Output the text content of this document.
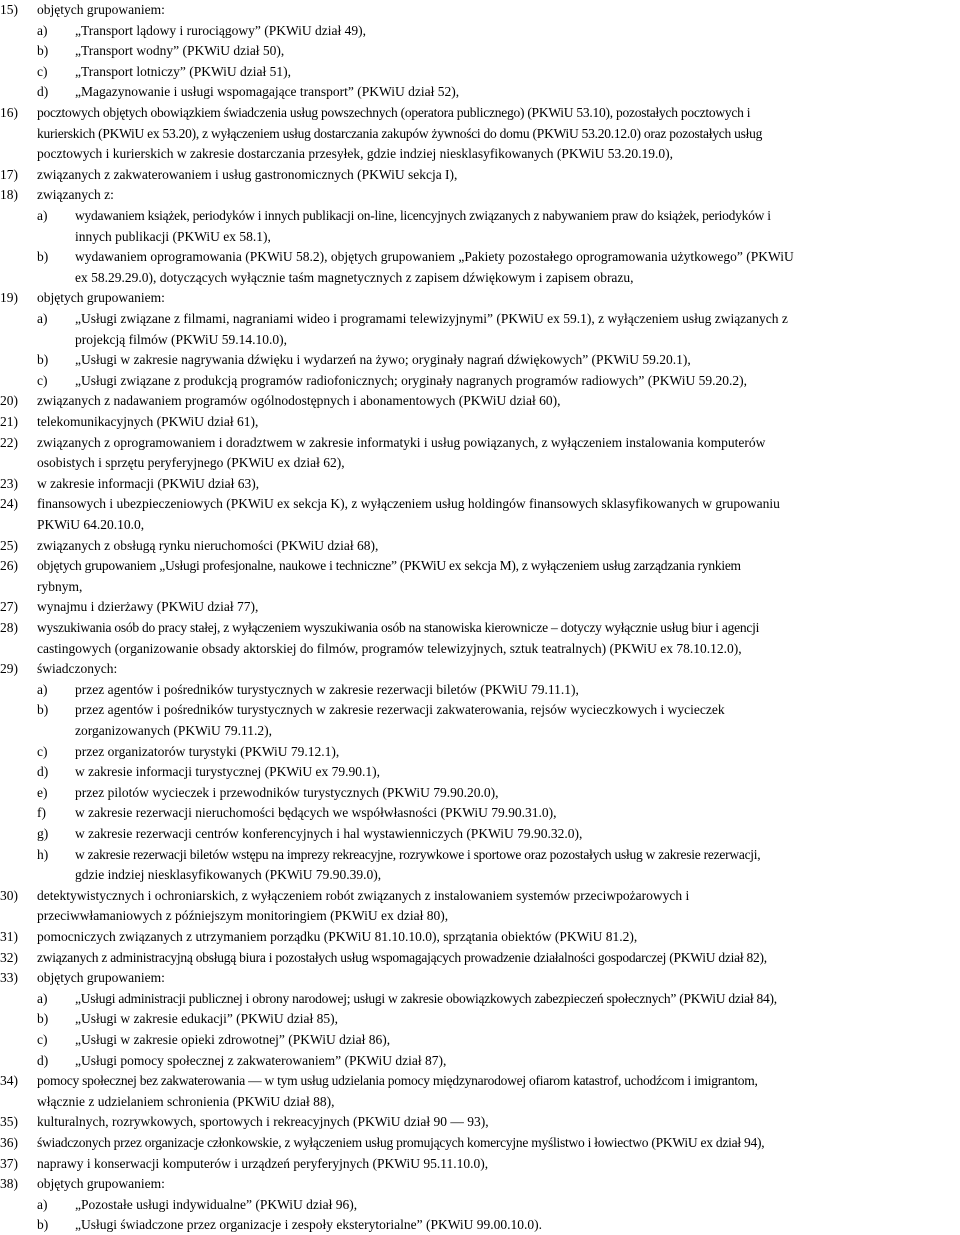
15) objętych grupowaniem:
a) „Transport lądowy i rurociągowy” (PKWiU dział 49),
b) „Transport wodny” (PKWiU dział 50),
c) „Transport lotniczy” (PKWiU dział 51),
d) „Magazynowanie i usługi wspomagające transport” (PKWiU dział 52),
16) pocztowych objętych obowiązkiem świadczenia usług powszechnych (operatora publicznego) (PKWiU 53.10), pozostałych pocztowych i
kurierskich (PKWiU ex 53.20), z wyłączeniem usług dostarczania zakupów żywności do domu (PKWiU 53.20.12.0) oraz pozostałych usług
pocztowych i kurierskich w zakresie dostarczania przesyłek, gdzie indziej niesklasyfikowanych (PKWiU 53.20.19.0),
17) związanych z zakwaterowaniem i usług gastronomicznych (PKWiU sekcja I),
18) związanych z:
a) wydawaniem książek, periodyków i innych publikacji on-line, licencyjnych związanych z nabywaniem praw do książek, periodyków i
innych publikacji (PKWiU ex 58.1),
b) wydawaniem oprogramowania (PKWiU 58.2), objętych grupowaniem „Pakiety pozostałego oprogramowania użytkowego” (PKWiU
ex 58.29.29.0), dotyczących wyłącznie taśm magnetycznych z zapisem dźwiękowym i zapisem obrazu,
19) objętych grupowaniem:
a) „Usługi związane z filmami, nagraniami wideo i programami telewizyjnymi” (PKWiU ex 59.1), z wyłączeniem usług związanych z
projekcją filmów (PKWiU 59.14.10.0),
b) „Usługi w zakresie nagrywania dźwięku i wydarzeń na żywo; oryginały nagrań dźwiękowych” (PKWiU 59.20.1),
c) „Usługi związane z produkcją programów radiofonicznych; oryginały nagranych programów radiowych” (PKWiU 59.20.2),
20) związanych z nadawaniem programów ogólnodostępnych i abonamentowych (PKWiU dział 60),
21) telekomunikacyjnych (PKWiU dział 61),
22) związanych z oprogramowaniem i doradztwem w zakresie informatyki i usług powiązanych, z wyłączeniem instalowania komputerów
osobistych i sprzętu peryferyjnego (PKWiU ex dział 62),
23) w zakresie informacji (PKWiU dział 63),
24) finansowych i ubezpieczeniowych (PKWiU ex sekcja K), z wyłączeniem usług holdingów finansowych sklasyfikowanych w grupowaniu
PKWiU 64.20.10.0,
25) związanych z obsługą rynku nieruchomości (PKWiU dział 68),
26) objętych grupowaniem „Usługi profesjonalne, naukowe i techniczne” (PKWiU ex sekcja M), z wyłączeniem usług zarządzania rynkiem
rybnym,
27) wynajmu i dzierżawy (PKWiU dział 77),
28) wyszukiwania osób do pracy stałej, z wyłączeniem wyszukiwania osób na stanowiska kierownicze – dotyczy wyłącznie usług biur i agencji
castingowych (organizowanie obsady aktorskiej do filmów, programów telewizyjnych, sztuk teatralnych) (PKWiU ex 78.10.12.0),
29) świadczonych:
a) przez agentów i pośredników turystycznych w zakresie rezerwacji biletów (PKWiU 79.11.1),
b) przez agentów i pośredników turystycznych w zakresie rezerwacji zakwaterowania, rejsów wycieczkowych i wycieczek
zorganizowanych (PKWiU 79.11.2),
c) przez organizatorów turystyki (PKWiU 79.12.1),
d) w zakresie informacji turystycznej (PKWiU ex 79.90.1),
e) przez pilotów wycieczek i przewodników turystycznych (PKWiU 79.90.20.0),
f) w zakresie rezerwacji nieruchomości będących we współwłasności (PKWiU 79.90.31.0),
g) w zakresie rezerwacji centrów konferencyjnych i hal wystawienniczych (PKWiU 79.90.32.0),
h) w zakresie rezerwacji biletów wstępu na imprezy rekreacyjne, rozrywkowe i sportowe oraz pozostałych usług w zakresie rezerwacji,
gdzie indziej niesklasyfikowanych (PKWiU 79.90.39.0),
30) detektywistycznych i ochroniarskich, z wyłączeniem robót związanych z instalowaniem systemów przeciwpożarowych i
przeciwwłamaniowych z późniejszym monitoringiem (PKWiU ex dział 80),
31) pomocniczych związanych z utrzymaniem porządku (PKWiU 81.10.10.0), sprzątania obiektów (PKWiU 81.2),
32) związanych z administracyjną obsługą biura i pozostałych usług wspomagających prowadzenie działalności gospodarczej (PKWiU dział 82),
33) objętych grupowaniem:
a) „Usługi administracji publicznej i obrony narodowej; usługi w zakresie obowiązkowych zabezpieczeń społecznych” (PKWiU dział 84),
b) „Usługi w zakresie edukacji” (PKWiU dział 85),
c) „Usługi w zakresie opieki zdrowotnej” (PKWiU dział 86),
d) „Usługi pomocy społecznej z zakwaterowaniem” (PKWiU dział 87),
34) pomocy społecznej bez zakwaterowania — w tym usług udzielania pomocy międzynarodowej ofiarom katastrof, uchodźcom i imigrantom,
włącznie z udzielaniem schronienia (PKWiU dział 88),
35) kulturalnych, rozrywkowych, sportowych i rekreacyjnych (PKWiU dział 90 — 93),
36) świadczonych przez organizacje członkowskie, z wyłączeniem usług promujących komercyjne myślistwo i łowiectwo (PKWiU ex dział 94),
37) naprawy i konserwacji komputerów i urządzeń peryferyjnych (PKWiU 95.11.10.0),
38) objętych grupowaniem:
a) „Pozostałe usługi indywidualne” (PKWiU dział 96),
b) „Usługi świadczone przez organizacje i zespoły eksterytorialne” (PKWiU 99.00.10.0).
